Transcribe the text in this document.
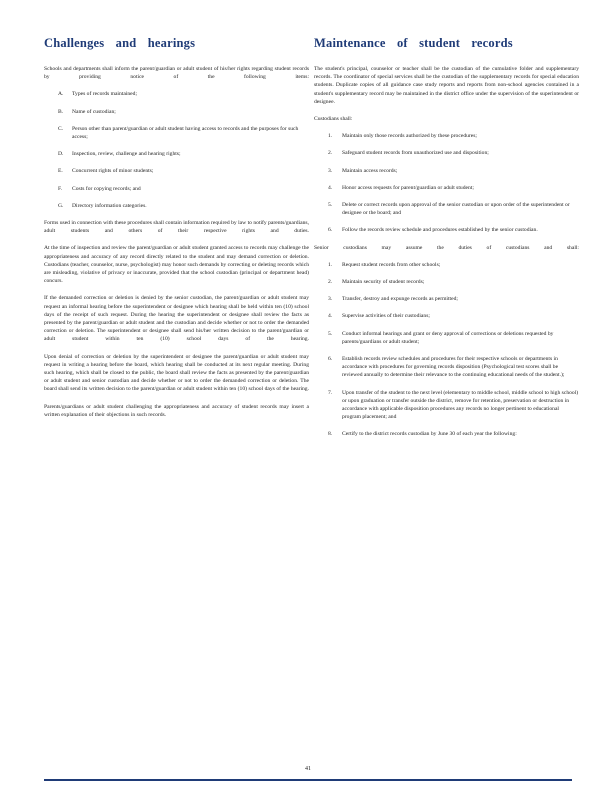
Challenges and hearings

Schools and departments shall inform the parent/guardian or adult student of his/her rights regarding student records by providing notice of the following items:

A. Types of records maintained;
B. Name of custodian;
C. Person other than parent/guardian or adult student having access to records and the purposes for such access;
D. Inspection, review, challenge and hearing rights;
E. Concurrent rights of minor students;
F. Costs for copying records; and
G. Directory information categories.

Forms used in connection with these procedures shall contain information required by law to notify parents/guardians, adult students and others of their respective rights and duties.

At the time of inspection and review the parent/guardian or adult student granted access to records may challenge the appropriateness and accuracy of any record directly related to the student and may demand correction or deletion. Custodians (teacher, counselor, nurse, psychologist) may honor such demands by correcting or deleting records which are misleading, violative of privacy or inaccurate, provided that the school custodian (principal or department head) concurs.

If the demanded correction or deletion is denied by the senior custodian, the parent/guardian or adult student may request an informal hearing before the superintendent or designee which hearing shall be held within ten (10) school days of the receipt of such request. During the hearing the superintendent or designee shall review the facts as presented by the parent/guardian or adult student and the custodian and decide whether or not to order the demanded correction or deletion. The superintendent or designee shall send his/her written decision to the parent/guardian or adult student within ten (10) school days of the hearing.

Upon denial of correction or deletion by the superintendent or designee the parent/guardian or adult student may request in writing a hearing before the board, which hearing shall be conducted at its next regular meeting. During such hearing, which shall be closed to the public, the board shall review the facts as presented by the parent/guardian or adult student and senior custodian and decide whether or not to order the demanded correction or deletion. The board shall send its written decision to the parent/guardian or adult student within ten (10) school days of the hearing.

Parents/guardians or adult student challenging the appropriateness and accuracy of student records may insert a written explanation of their objections in such records.

Maintenance of student records

The student's principal, counselor or teacher shall be the custodian of the cumulative folder and supplementary records. The coordinator of special services shall be the custodian of the supplementary records for special education students. Duplicate copies of all guidance case study reports and reports from non-school agencies contained in a student's supplementary record may be maintained in the district office under the supervision of the superintendent or designee.

Custodians shall:

1. Maintain only those records authorized by these procedures;
2. Safeguard student records from unauthorized use and disposition;
3. Maintain access records;
4. Honor access requests for parent/guardian or adult student;
5. Delete or correct records upon approval of the senior custodian or upon order of the superintendent or designee or the board; and
6. Follow the records review schedule and procedures established by the senior custodian.

Senior custodians may assume the duties of custodians and shall:

1. Request student records from other schools;
2. Maintain security of student records;
3. Transfer, destroy and expunge records as permitted;
4. Supervise activities of their custodians;
5. Conduct informal hearings and grant or deny approval of corrections or deletions requested by parents/guardians or adult student;
6. Establish records review schedules and procedures for their respective schools or departments in accordance with procedures for governing records disposition (Psychological test scores shall be reviewed annually to determine their relevance to the continuing educational needs of the student.);
7. Upon transfer of the student to the next level (elementary to middle school, middle school to high school) or upon graduation or transfer outside the district, remove for retention, preservation or destruction in accordance with applicable disposition procedures any records no longer pertinent to educational program placement; and
8. Certify to the district records custodian by June 30 of each year the following:
41
